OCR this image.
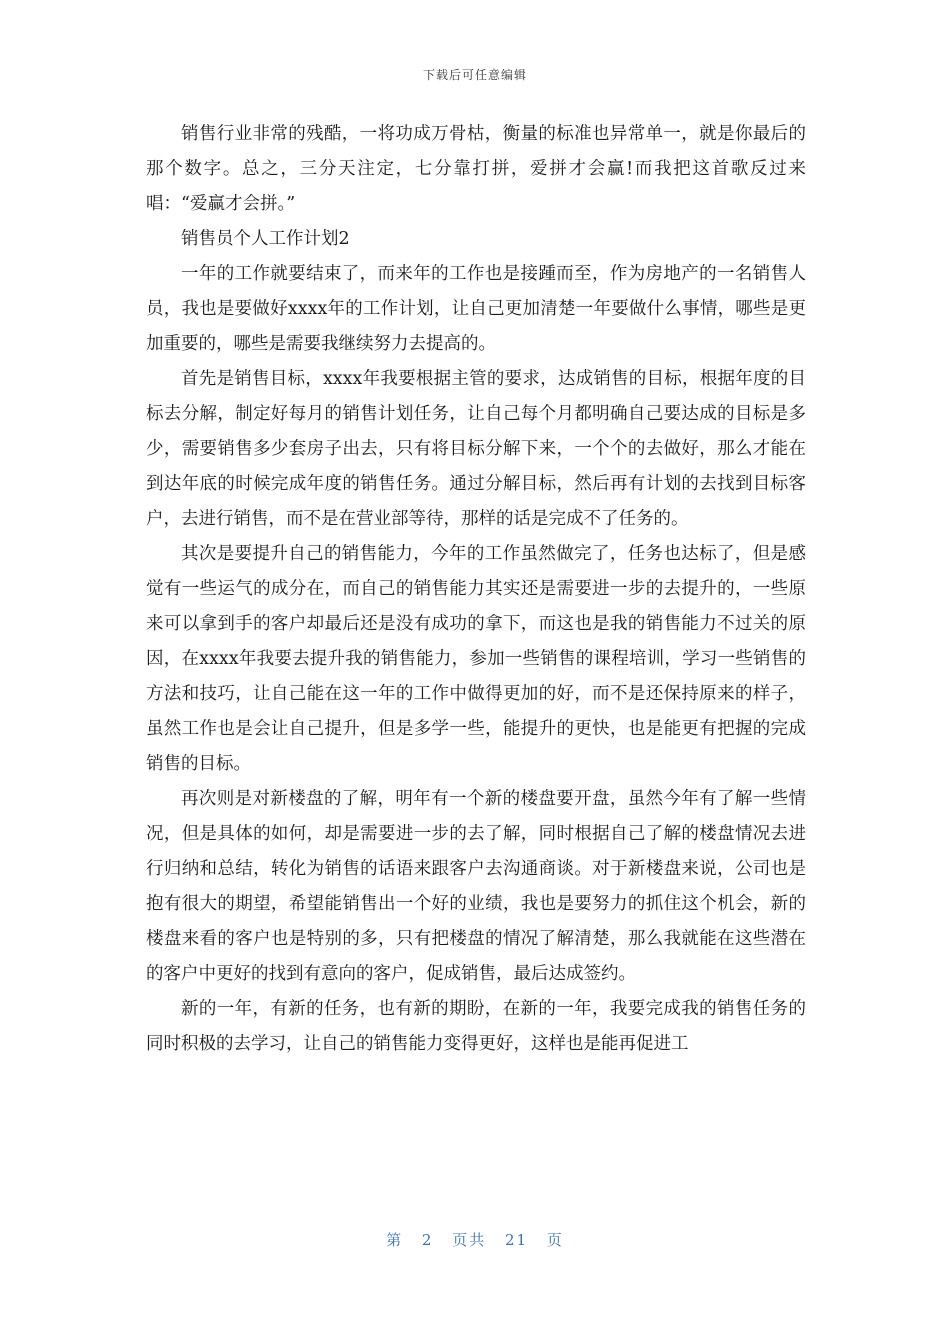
下载后可任意编辑

销售行业非常的残酷，一将功成万骨枯，衡量的标准也异常单一，就是你最后的那个数字。总之，三分天注定，七分靠打拼，爱拼才会赢!而我把这首歌反过来唱：“爱赢才会拼。”

销售员个人工作计划2

一年的工作就要结束了，而来年的工作也是接踵而至，作为房地产的一名销售人员，我也是要做好xxxx年的工作计划，让自己更加清楚一年要做什么事情，哪些是更加重要的，哪些是需要我继续努力去提高的。

首先是销售目标，xxxx年我要根据主管的要求，达成销售的目标，根据年度的目标去分解，制定好每月的销售计划任务，让自己每个月都明确自己要达成的目标是多少，需要销售多少套房子出去，只有将目标分解下来，一个个的去做好，那么才能在到达年底的时候完成年度的销售任务。通过分解目标，然后再有计划的去找到目标客户，去进行销售，而不是在营业部等待，那样的话是完成不了任务的。

其次是要提升自己的销售能力，今年的工作虽然做完了，任务也达标了，但是感觉有一些运气的成分在，而自己的销售能力其实还是需要进一步的去提升的，一些原来可以拿到手的客户却最后还是没有成功的拿下，而这也是我的销售能力不过关的原因，在xxxx年我要去提升我的销售能力，参加一些销售的课程培训，学习一些销售的方法和技巧，让自己能在这一年的工作中做得更加的好，而不是还保持原来的样子，虽然工作也是会让自己提升，但是多学一些，能提升的更快，也是能更有把握的完成销售的目标。

再次则是对新楼盘的了解，明年有一个新的楼盘要开盘，虽然今年有了解一些情况，但是具体的如何，却是需要进一步的去了解，同时根据自己了解的楼盘情况去进行归纳和总结，转化为销售的话语来跟客户去沟通商谈。对于新楼盘来说，公司也是抱有很大的期望，希望能销售出一个好的业绩，我也是要努力的抓住这个机会，新的楼盘来看的客户也是特别的多，只有把楼盘的情况了解清楚，那么我就能在这些潜在的客户中更好的找到有意向的客户，促成销售，最后达成签约。

新的一年，有新的任务，也有新的期盼，在新的一年，我要完成我的销售任务的同时积极的去学习，让自己的销售能力变得更好，这样也是能再促进工

第 2 页共 21 页
